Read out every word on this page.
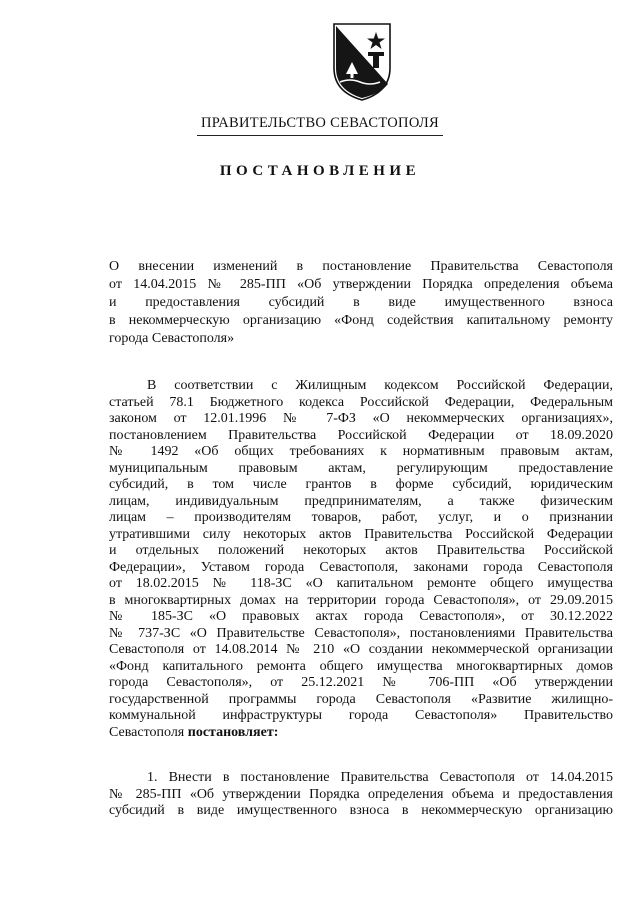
ПРАВИТЕЛЬСТВО СЕВАСТОПОЛЯ
ПОСТАНОВЛЕНИЕ
О внесении изменений в постановление Правительства Севастополя
от 14.04.2015 № 285-ПП «Об утверждении Порядка определения объема
и предоставления субсидий в виде имущественного взноса
в некоммерческую организацию «Фонд содействия капитальному ремонту
города Севастополя»
В соответствии с Жилищным кодексом Российской Федерации,
статьей 78.1 Бюджетного кодекса Российской Федерации, Федеральным
законом от 12.01.1996 № 7-ФЗ «О некоммерческих организациях»,
постановлением Правительства Российской Федерации от 18.09.2020
№ 1492 «Об общих требованиях к нормативным правовым актам,
муниципальным правовым актам, регулирующим предоставление
субсидий, в том числе грантов в форме субсидий, юридическим
лицам, индивидуальным предпринимателям, а также физическим
лицам – производителям товаров, работ, услуг, и о признании
утратившими силу некоторых актов Правительства Российской Федерации
и отдельных положений некоторых актов Правительства Российской
Федерации», Уставом города Севастополя, законами города Севастополя
от 18.02.2015 № 118-ЗС «О капитальном ремонте общего имущества
в многоквартирных домах на территории города Севастополя», от 29.09.2015
№ 185-ЗС «О правовых актах города Севастополя», от 30.12.2022
№ 737-ЗС «О Правительстве Севастополя», постановлениями Правительства
Севастополя от 14.08.2014 № 210 «О создании некоммерческой организации
«Фонд капитального ремонта общего имущества многоквартирных домов
города Севастополя», от 25.12.2021 № 706-ПП «Об утверждении
государственной программы города Севастополя «Развитие жилищно-
коммунальной инфраструктуры города Севастополя» Правительство
Севастополя постановляет:
1. Внести в постановление Правительства Севастополя от 14.04.2015
№ 285-ПП «Об утверждении Порядка определения объема и предоставления
субсидий в виде имущественного взноса в некоммерческую организацию
